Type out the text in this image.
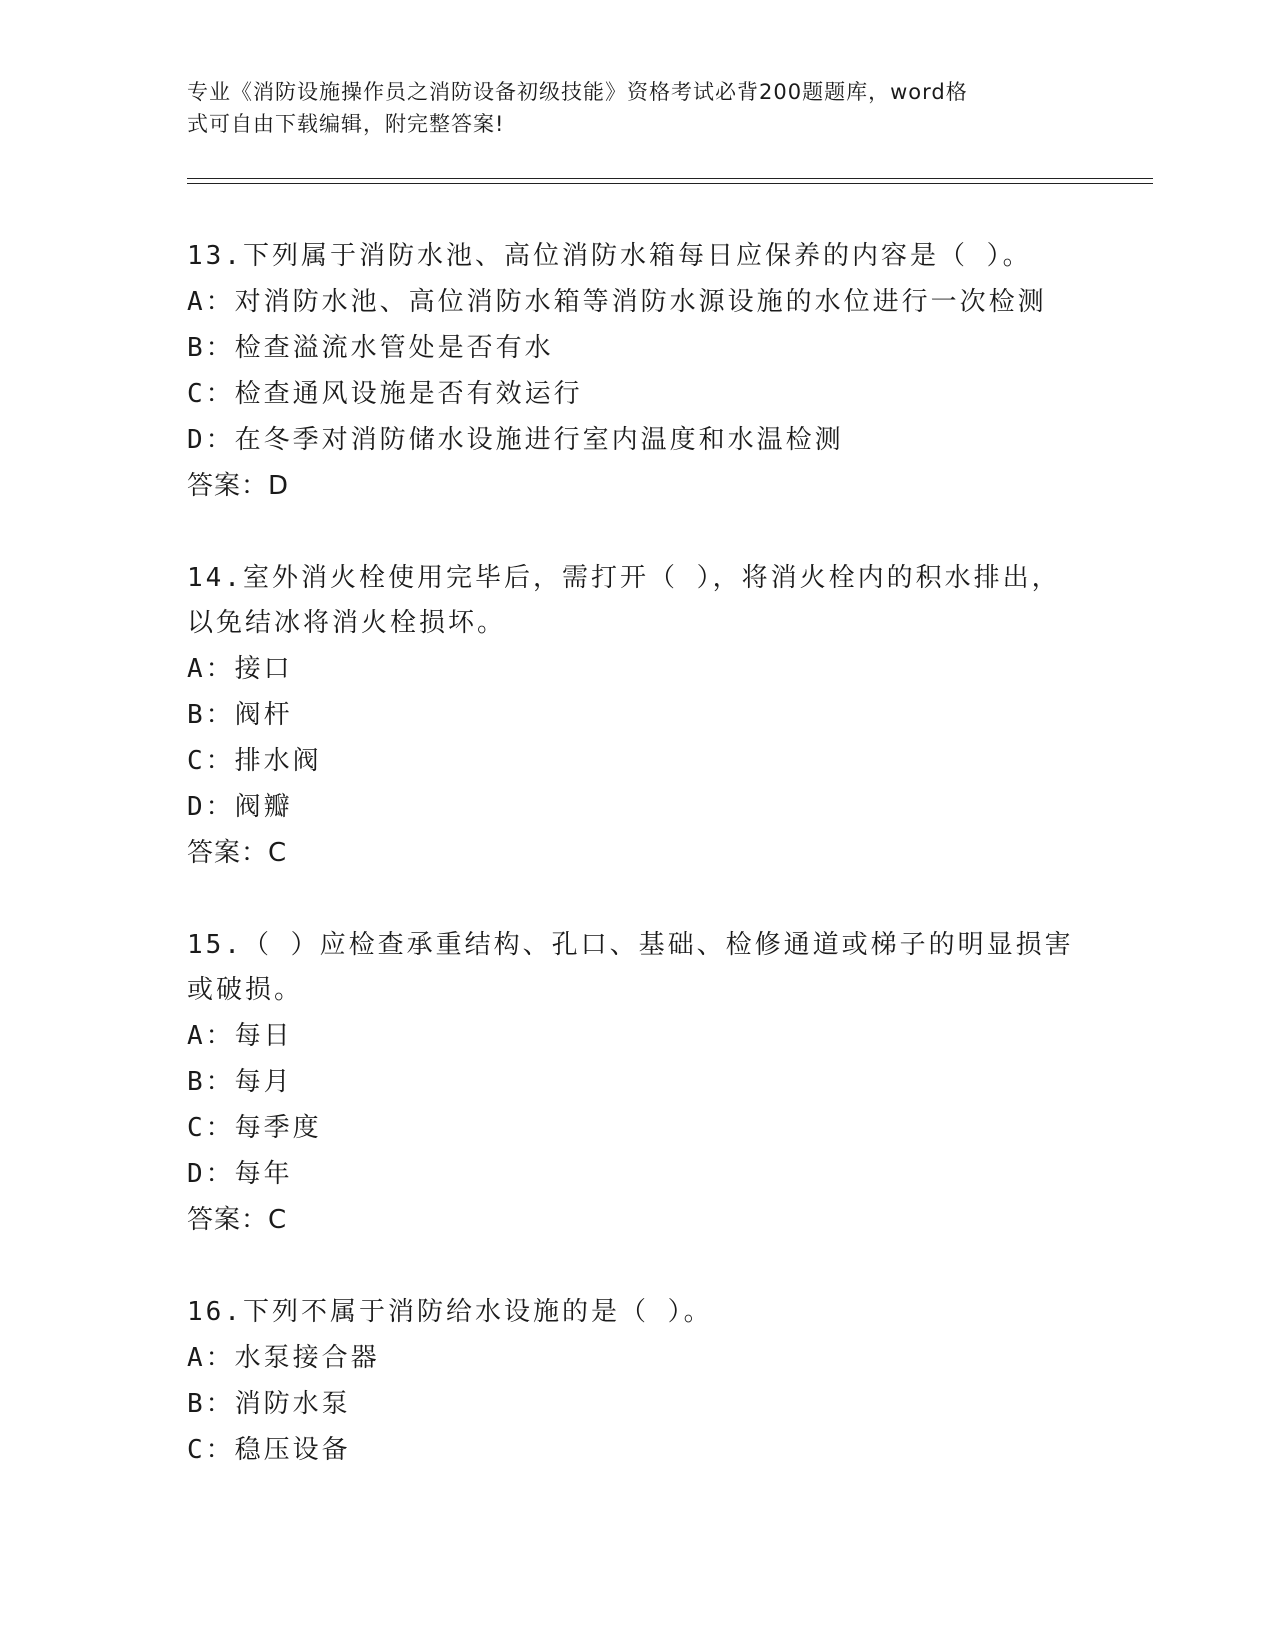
专业《消防设施操作员之消防设备初级技能》资格考试必背200题题库，word格
式可自由下载编辑，附完整答案!
13.下列属于消防水池、高位消防水箱每日应保养的内容是（ ）。
A：对消防水池、高位消防水箱等消防水源设施的水位进行一次检测
B：检查溢流水管处是否有水
C：检查通风设施是否有效运行
D：在冬季对消防储水设施进行室内温度和水温检测
答案：D
14.室外消火栓使用完毕后，需打开（ ），将消火栓内的积水排出，以免结冰将消火栓损坏。
A：接口
B：阀杆
C：排水阀
D：阀瓣
答案：C
15.（ ）应检查承重结构、孔口、基础、检修通道或梯子的明显损害或破损。
A：每日
B：每月
C：每季度
D：每年
答案：C
16.下列不属于消防给水设施的是（ ）。
A：水泵接合器
B：消防水泵
C：稳压设备
